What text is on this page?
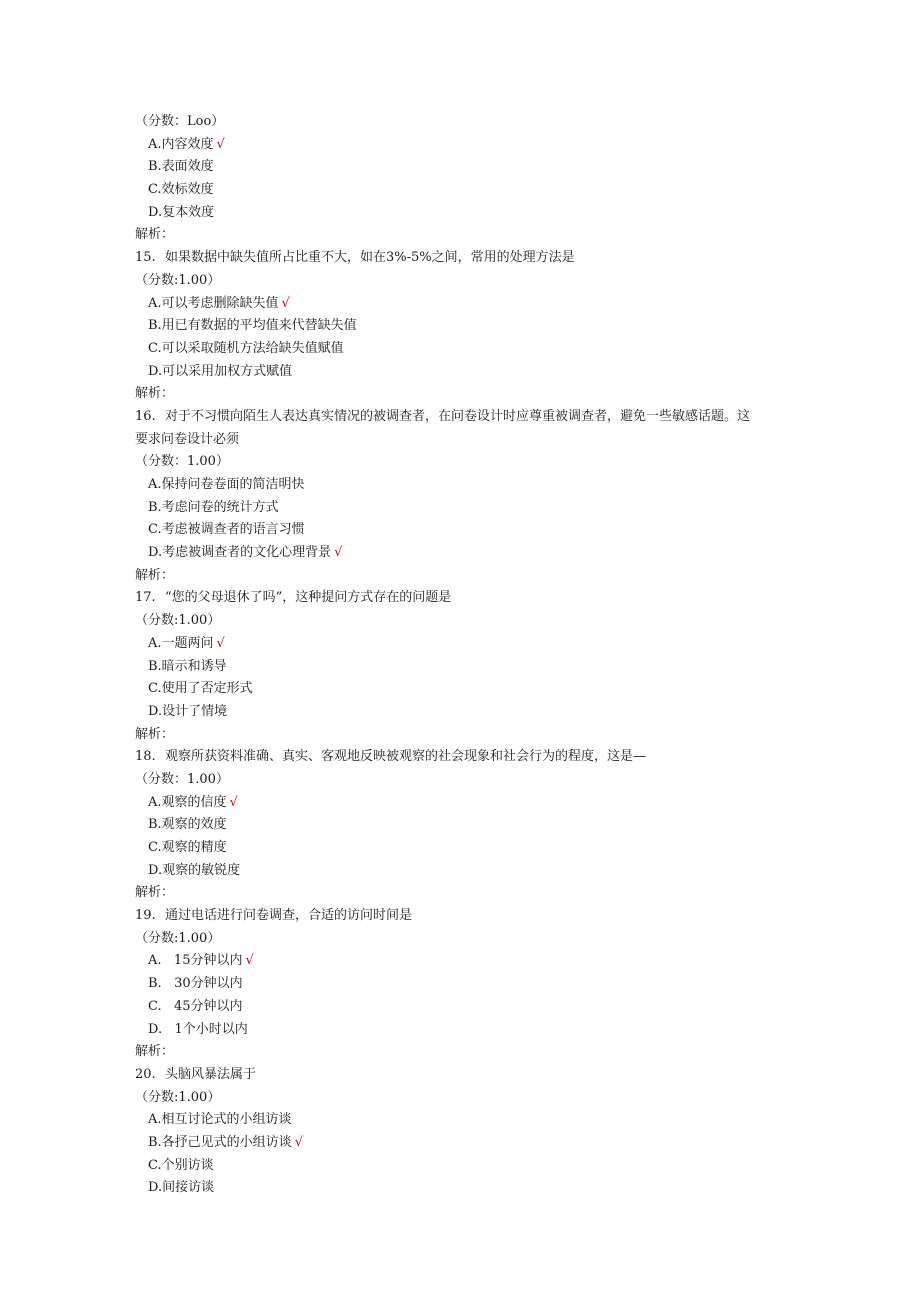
（分数：Loo）
A.内容效度 √
B.表面效度
C.效标效度
D.复本效度
解析：
15. 如果数据中缺失值所占比重不大，如在3%-5%之间，常用的处理方法是
（分数:1.00）
A.可以考虑删除缺失值 √
B.用已有数据的平均值来代替缺失值
C.可以采取随机方法给缺失值赋值
D.可以采用加权方式赋值
解析：
16. 对于不习惯向陌生人表达真实情况的被调查者，在问卷设计时应尊重被调查者，避免一些敏感话题。这要求问卷设计必须
（分数：1.00）
A.保持问卷卷面的简洁明快
B.考虑问卷的统计方式
C.考虑被调查者的语言习惯
D.考虑被调查者的文化心理背景 √
解析：
17. “您的父母退休了吗”，这种提问方式存在的问题是
（分数:1.00）
A.一题两问 √
B.暗示和诱导
C.使用了否定形式
D.设计了情境
解析：
18. 观察所获资料准确、真实、客观地反映被观察的社会现象和社会行为的程度，这是—
（分数：1.00）
A.观察的信度 √
B.观察的效度
C.观察的精度
D.观察的敏锐度
解析：
19. 通过电话进行问卷调查，合适的访问时间是
（分数:1.00）
A.   15分钟以内 √
B.   30分钟以内
C.   45分钟以内
D.   1个小时以内
解析：
20. 头脑风暴法属于
（分数:1.00）
A.相互讨论式的小组访谈
B.各抒己见式的小组访谈 √
C.个别访谈
D.间接访谈
